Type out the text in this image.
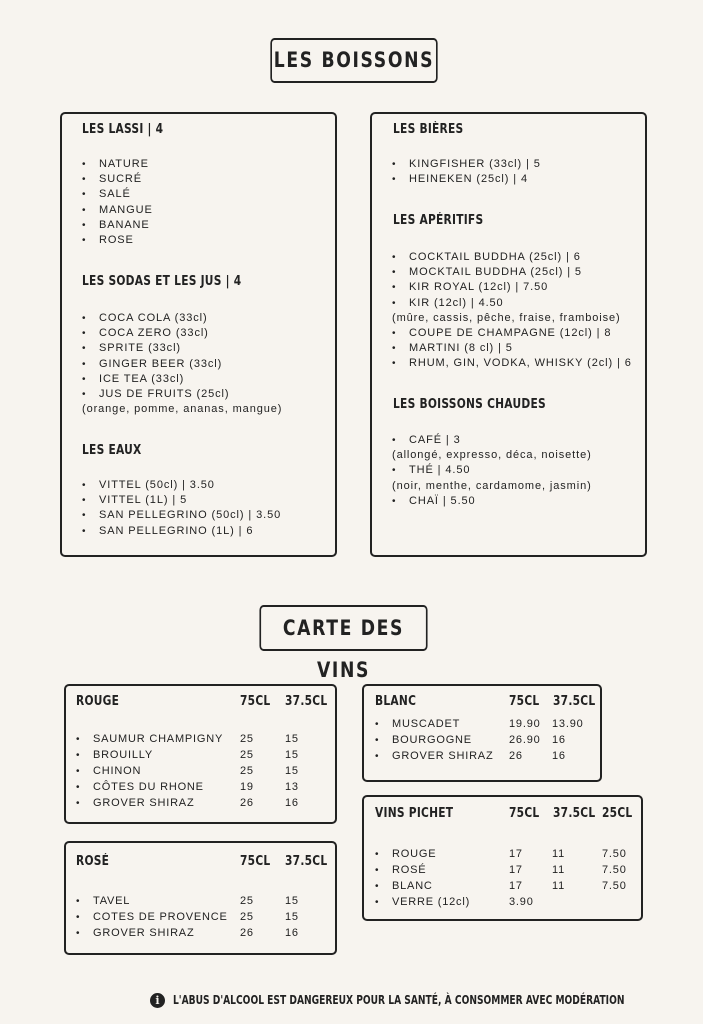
LES BOISSONS
CARTE DES VINS
LES LASSI | 4
• NATURE
• SUCRÉ
• SALÉ
• MANGUE
• BANANE
• ROSE
LES SODAS ET LES JUS | 4
• COCA COLA (33cl)
• COCA ZERO (33cl)
• SPRITE (33cl)
• GINGER BEER (33cl)
• ICE TEA (33cl)
• JUS DE FRUITS (25cl)
(orange, pomme, ananas, mangue)
LES EAUX
• VITTEL (50cl) | 3.50
• VITTEL (1L) | 5
• SAN PELLEGRINO (50cl) | 3.50
• SAN PELLEGRINO (1L) | 6
LES BIÈRES
• KINGFISHER (33cl) | 5
• HEINEKEN (25cl) | 4
LES APÉRITIFS
• COCKTAIL BUDDHA (25cl) | 6
• MOCKTAIL BUDDHA (25cl) | 5
• KIR ROYAL (12cl) | 7.50
• KIR (12cl) | 4.50
(mûre, cassis, pêche, fraise, framboise)
• COUPE DE CHAMPAGNE (12cl) | 8
• MARTINI (8 cl) | 5
• RHUM, GIN, VODKA, WHISKY (2cl) | 6
LES BOISSONS CHAUDES
• CAFÉ | 3
(allongé, expresso, déca, noisette)
• THÉ | 4.50
(noir, menthe, cardamome, jasmin)
• CHAÏ | 5.50
ROUGE	75CL	37.5CL
• SAUMUR CHAMPIGNY 25	15
• BROUILLY	25	15
• CHINON	25	15
• CÔTES DU RHONE	19	13
• GROVER SHIRAZ	26	16
ROSÉ	75CL	37.5CL
• TAVEL	25	15
• COTES DE PROVENCE 25	15
• GROVER SHIRAZ	26	16
BLANC	75CL	37.5CL
• MUSCADET	19.90 13.90
• BOURGOGNE	26.90 16
• GROVER SHIRAZ 26	16
VINS PICHET	75CL	37.5CL 25CL
• ROUGE	17	11	7.50
• ROSÉ	17	11	7.50
• BLANC	17	11	7.50
• VERRE (12cl)	3.90
i	L'ABUS D'ALCOOL EST DANGEREUX POUR LA SANTÉ, À CONSOMMER AVEC MODÉRATION
